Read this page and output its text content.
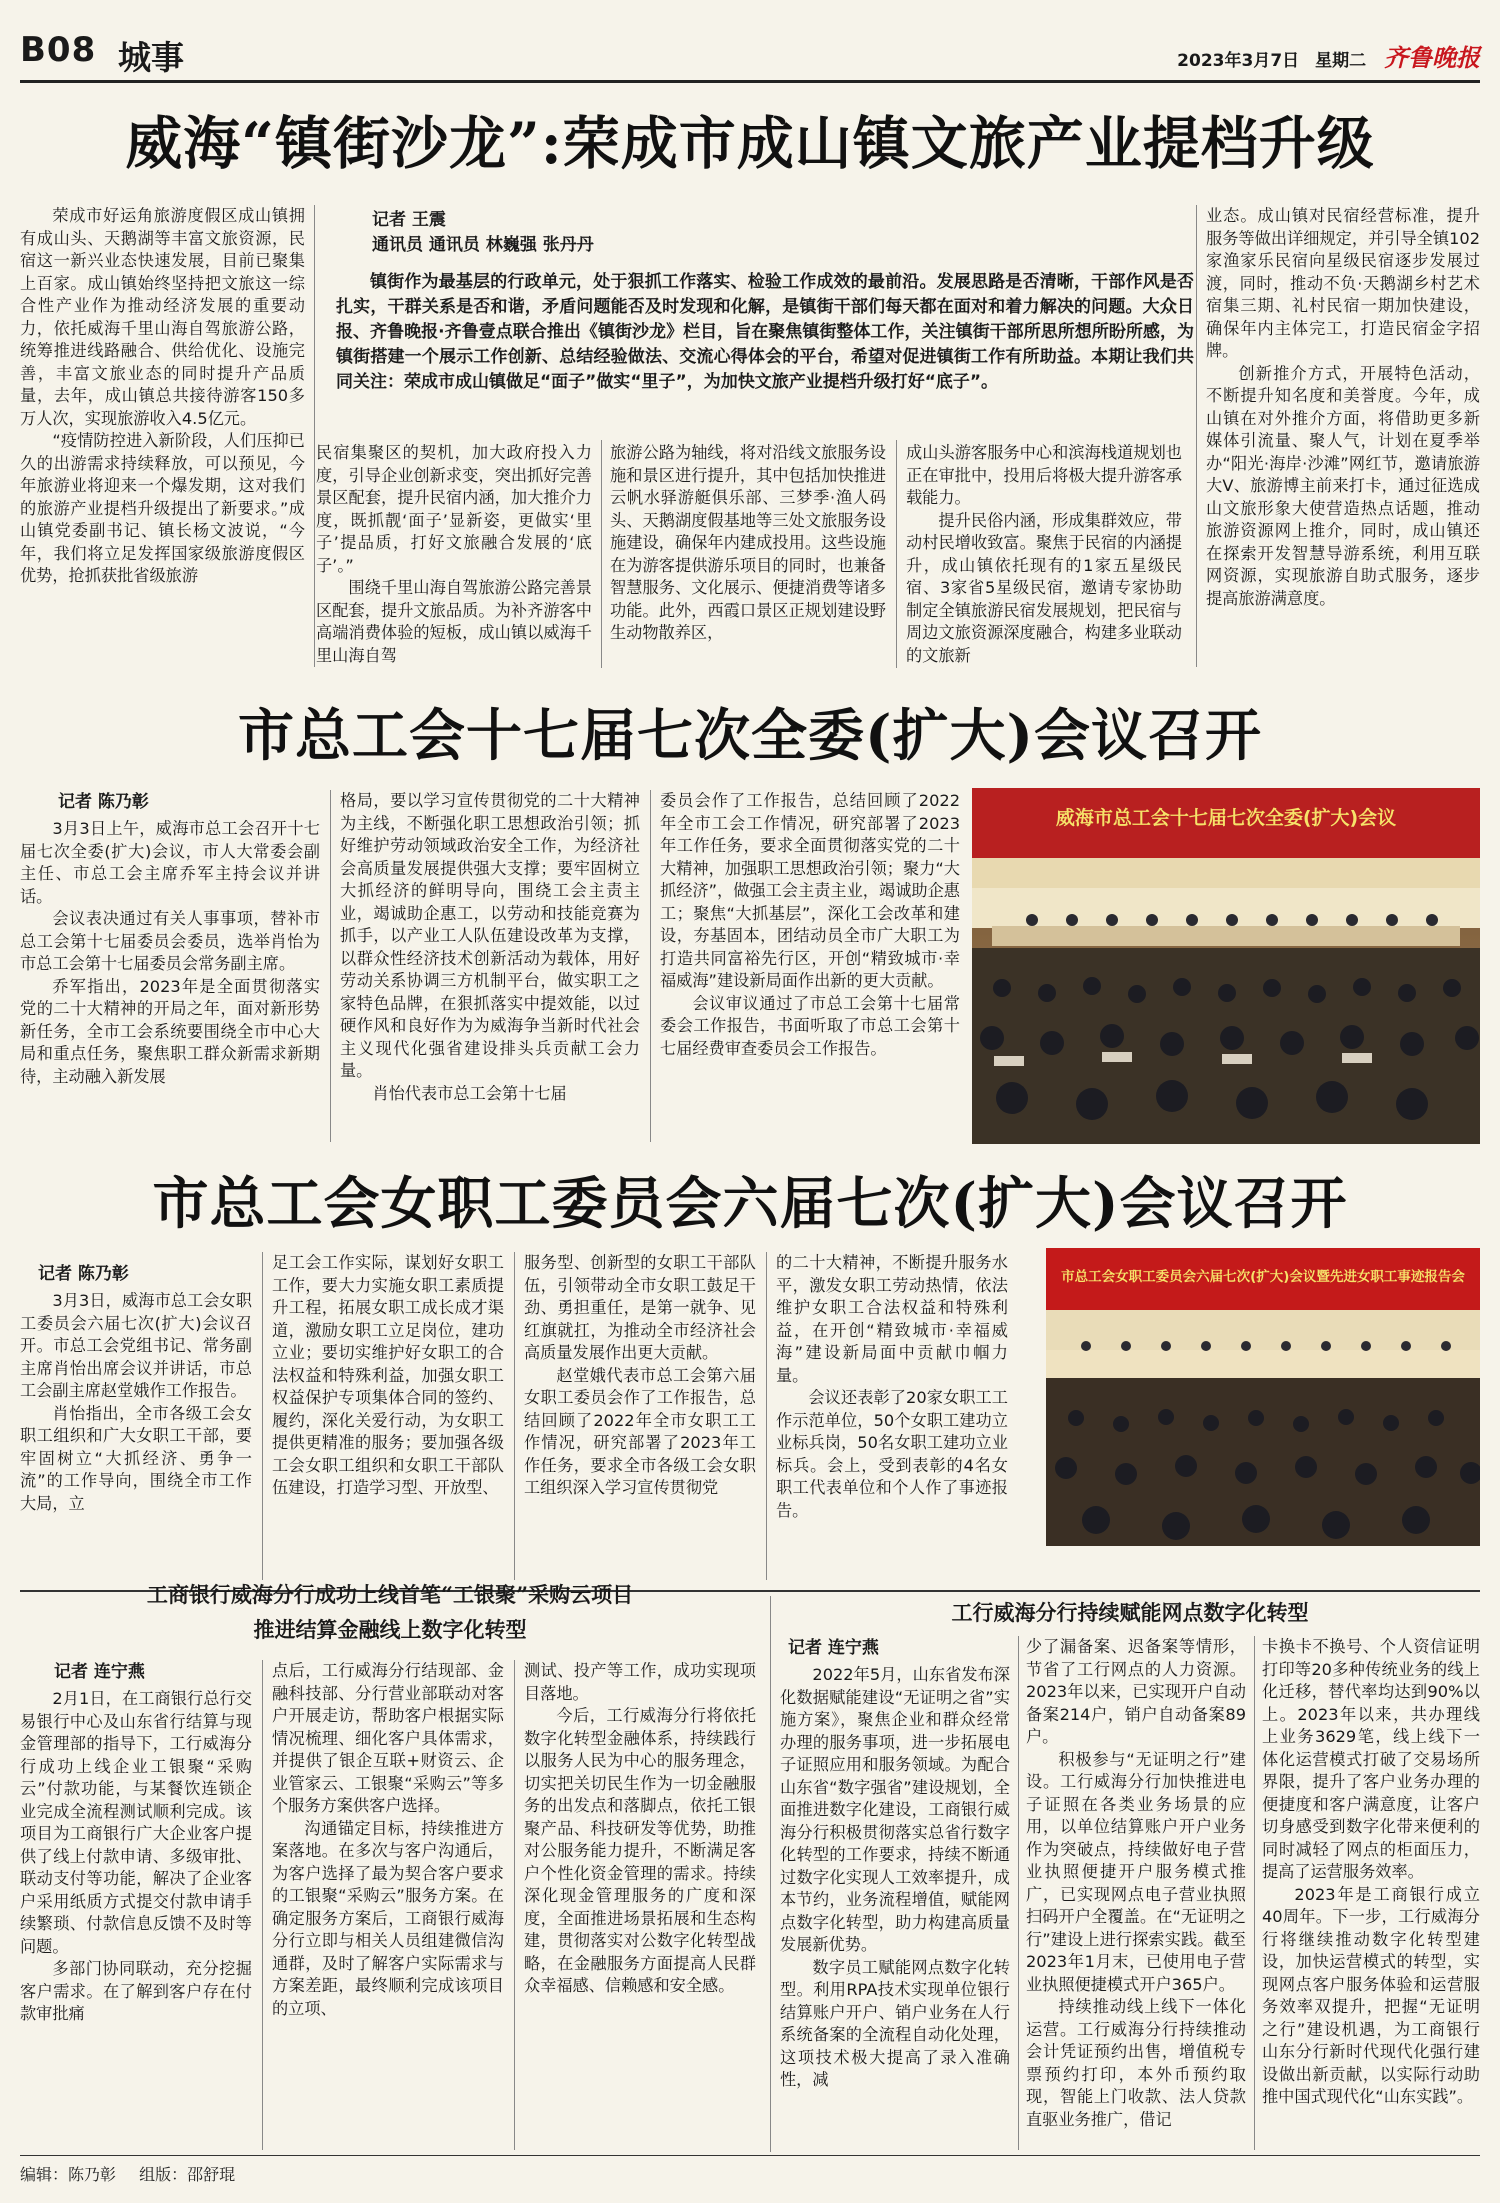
B08 城事	2023年3月7日 星期二 齐鲁晚报
威海“镇街沙龙”:荣成市成山镇文旅产业提档升级

荣成市好运角旅游度假区成山镇拥有成山头、天鹅湖等丰富文旅资源，民宿这一新兴业态快速发展，目前已聚集上百家。成山镇始终坚持把文旅这一综合性产业作为推动经济发展的重要动力，依托威海千里山海自驾旅游公路，统筹推进线路融合、供给优化、设施完善，丰富文旅业态的同时提升产品质量，去年，成山镇总共接待游客150多万人次，实现旅游收入4.5亿元。

“疫情防控进入新阶段，人们压抑已久的出游需求持续释放，可以预见，今年旅游业将迎来一个爆发期，这对我们的旅游产业提档升级提出了新要求。”成山镇党委副书记、镇长杨文波说，“今年，我们将立足发挥国家级旅游度假区优势，抢抓获批省级旅游

记者 王震
通讯员 通讯员 林巍强 张丹丹
镇街作为最基层的行政单元，处于狠抓工作落实、检验工作成效的最前沿。发展思路是否清晰，干部作风是否扎实，干群关系是否和谐，矛盾问题能否及时发现和化解，是镇街干部们每天都在面对和着力解决的问题。大众日报、齐鲁晚报·齐鲁壹点联合推出《镇街沙龙》栏目，旨在聚焦镇街整体工作，关注镇街干部所思所想所盼所感，为镇街搭建一个展示工作创新、总结经验做法、交流心得体会的平台，希望对促进镇街工作有所助益。本期让我们共同关注：荣成市成山镇做足“面子”做实“里子”，为加快文旅产业提档升级打好“底子”。

民宿集聚区的契机，加大政府投入力度，引导企业创新求变，突出抓好完善景区配套，提升民宿内涵，加大推介力度，既抓靓‘面子’显新姿，更做实‘里子’提品质，打好文旅融合发展的‘底子’。”

围绕千里山海自驾旅游公路完善景区配套，提升文旅品质。为补齐游客中高端消费体验的短板，成山镇以威海千里山海自驾

旅游公路为轴线，将对沿线文旅服务设施和景区进行提升，其中包括加快推进云帆水驿游艇俱乐部、三梦季·渔人码头、天鹅湖度假基地等三处文旅服务设施建设，确保年内建成投用。这些设施在为游客提供游乐项目的同时，也兼备智慧服务、文化展示、便捷消费等诸多功能。此外，西霞口景区正规划建设野生动物散养区，

成山头游客服务中心和滨海栈道规划也正在审批中，投用后将极大提升游客承载能力。

提升民俗内涵，形成集群效应，带动村民增收致富。聚焦于民宿的内涵提升，成山镇依托现有的1家五星级民宿、3家省5星级民宿，邀请专家协助制定全镇旅游民宿发展规划，把民宿与周边文旅资源深度融合，构建多业联动的文旅新

业态。成山镇对民宿经营标准，提升服务等做出详细规定，并引导全镇102家渔家乐民宿向星级民宿逐步发展过渡，同时，推动不负·天鹅湖乡村艺术宿集三期、礼村民宿一期加快建设，确保年内主体完工，打造民宿金字招牌。

创新推介方式，开展特色活动，不断提升知名度和美誉度。今年，成山镇在对外推介方面，将借助更多新媒体引流量、聚人气，计划在夏季举办“阳光·海岸·沙滩”网红节，邀请旅游大V、旅游博主前来打卡，通过征选成山文旅形象大使营造热点话题，推动旅游资源网上推介，同时，成山镇还在探索开发智慧导游系统，利用互联网资源，实现旅游自助式服务，逐步提高旅游满意度。

市总工会十七届七次全委(扩大)会议召开

记者 陈乃彰

3月3日上午，威海市总工会召开十七届七次全委(扩大)会议，市人大常委会副主任、市总工会主席乔军主持会议并讲话。

会议表决通过有关人事事项，替补市总工会第十七届委员会委员，选举肖怡为市总工会第十七届委员会常务副主席。

乔军指出，2023年是全面贯彻落实党的二十大精神的开局之年，面对新形势新任务，全市工会系统要围绕全市中心大局和重点任务，聚焦职工群众新需求新期待，主动融入新发展

格局，要以学习宣传贯彻党的二十大精神为主线，不断强化职工思想政治引领；抓好维护劳动领域政治安全工作，为经济社会高质量发展提供强大支撑；要牢固树立大抓经济的鲜明导向，围绕工会主责主业，竭诚助企惠工，以劳动和技能竞赛为抓手，以产业工人队伍建设改革为支撑，以群众性经济技术创新活动为载体，用好劳动关系协调三方机制平台，做实职工之家特色品牌，在狠抓落实中提效能，以过硬作风和良好作为为威海争当新时代社会主义现代化强省建设排头兵贡献工会力量。

肖怡代表市总工会第十七届

委员会作了工作报告，总结回顾了2022年全市工会工作情况，研究部署了2023年工作任务，要求全面贯彻落实党的二十大精神，加强职工思想政治引领；聚力“大抓经济”，做强工会主责主业，竭诚助企惠工；聚焦“大抓基层”，深化工会改革和建设，夯基固本，团结动员全市广大职工为打造共同富裕先行区，开创“精致城市·幸福威海”建设新局面作出新的更大贡献。

会议审议通过了市总工会第十七届常委会工作报告，书面听取了市总工会第十七届经费审查委员会工作报告。

威海市总工会十七届七次全委(扩大)会议
市总工会女职工委员会六届七次(扩大)会议召开

记者 陈乃彰

3月3日，威海市总工会女职工委员会六届七次(扩大)会议召开。市总工会党组书记、常务副主席肖怡出席会议并讲话，市总工会副主席赵堂娥作工作报告。

肖怡指出，全市各级工会女职工组织和广大女职工干部，要牢固树立“大抓经济、勇争一流”的工作导向，围绕全市工作大局，立

足工会工作实际，谋划好女职工工作，要大力实施女职工素质提升工程，拓展女职工成长成才渠道，激励女职工立足岗位，建功立业；要切实维护好女职工的合法权益和特殊利益，加强女职工权益保护专项集体合同的签约、履约，深化关爱行动，为女职工提供更精准的服务；要加强各级工会女职工组织和女职工干部队伍建设，打造学习型、开放型、

服务型、创新型的女职工干部队伍，引领带动全市女职工鼓足干劲、勇担重任，是第一就争、见红旗就扛，为推动全市经济社会高质量发展作出更大贡献。

赵堂娥代表市总工会第六届女职工委员会作了工作报告，总结回顾了2022年全市女职工工作情况，研究部署了2023年工作任务，要求全市各级工会女职工组织深入学习宣传贯彻党

的二十大精神，不断提升服务水平，激发女职工劳动热情，依法维护女职工合法权益和特殊利益，在开创“精致城市·幸福威海”建设新局面中贡献巾帼力量。

会议还表彰了20家女职工工作示范单位，50个女职工建功立业标兵岗，50名女职工建功立业标兵。会上，受到表彰的4名女职工代表单位和个人作了事迹报告。

市总工会女职工委员会六届七次(扩大)会议暨先进女职工事迹报告会
工商银行威海分行成功上线首笔“工银聚”采购云项目
推进结算金融线上数字化转型

记者 连宁燕

2月1日，在工商银行总行交易银行中心及山东省行结算与现金管理部的指导下，工行威海分行成功上线企业工银聚“采购云”付款功能，与某餐饮连锁企业完成全流程测试顺利完成。该项目为工商银行广大企业客户提供了线上付款申请、多级审批、联动支付等功能，解决了企业客户采用纸质方式提交付款申请手续繁琐、付款信息反馈不及时等问题。

多部门协同联动，充分挖掘客户需求。在了解到客户存在付款审批痛

点后，工行威海分行结现部、金融科技部、分行营业部联动对客户开展走访，帮助客户根据实际情况梳理、细化客户具体需求，并提供了银企互联+财资云、企业管家云、工银聚“采购云”等多个服务方案供客户选择。

沟通锚定目标，持续推进方案落地。在多次与客户沟通后，为客户选择了最为契合客户要求的工银聚“采购云”服务方案。在确定服务方案后，工商银行威海分行立即与相关人员组建微信沟通群，及时了解客户实际需求与方案差距，最终顺利完成该项目的立项、

测试、投产等工作，成功实现项目落地。

今后，工行威海分行将依托数字化转型金融体系，持续践行以服务人民为中心的服务理念，切实把关切民生作为一切金融服务的出发点和落脚点，依托工银聚产品、科技研发等优势，助推对公服务能力提升，不断满足客户个性化资金管理的需求。持续深化现金管理服务的广度和深度，全面推进场景拓展和生态构建，贯彻落实对公数字化转型战略，在金融服务方面提高人民群众幸福感、信赖感和安全感。

工行威海分行持续赋能网点数字化转型

记者 连宁燕

2022年5月，山东省发布深化数据赋能建设“无证明之省”实施方案》，聚焦企业和群众经常办理的服务事项，进一步拓展电子证照应用和服务领域。为配合山东省“数字强省”建设规划，全面推进数字化建设，工商银行威海分行积极贯彻落实总省行数字化转型的工作要求，持续不断通过数字化实现人工效率提升，成本节约，业务流程增值，赋能网点数字化转型，助力构建高质量发展新优势。

数字员工赋能网点数字化转型。利用RPA技术实现单位银行结算账户开户、销户业务在人行系统备案的全流程自动化处理，这项技术极大提高了录入准确性，减

少了漏备案、迟备案等情形，节省了工行网点的人力资源。2023年以来，已实现开户自动备案214户，销户自动备案89户。

积极参与“无证明之行”建设。工行威海分行加快推进电子证照在各类业务场景的应用，以单位结算账户开户业务作为突破点，持续做好电子营业执照便捷开户服务模式推广，已实现网点电子营业执照扫码开户全覆盖。在“无证明之行”建设上进行探索实践。截至2023年1月末，已使用电子营业执照便捷模式开户365户。

持续推动线上线下一体化运营。工行威海分行持续推动会计凭证预约出售，增值税专票预约打印，本外币预约取现，智能上门收款、法人贷款直驱业务推广，借记

卡换卡不换号、个人资信证明打印等20多种传统业务的线上化迁移，替代率均达到90%以上。2023年以来，共办理线上业务3629笔，线上线下一体化运营模式打破了交易场所界限，提升了客户业务办理的便捷度和客户满意度，让客户切身感受到数字化带来便利的同时减轻了网点的柜面压力，提高了运营服务效率。

2023年是工商银行成立40周年。下一步，工行威海分行将继续推动数字化转型建设，加快运营模式的转型，实现网点客户服务体验和运营服务效率双提升，把握“无证明之行”建设机遇，为工商银行山东分行新时代现代化强行建设做出新贡献，以实际行动助推中国式现代化“山东实践”。

编辑：陈乃彰 组版：邵舒琨
